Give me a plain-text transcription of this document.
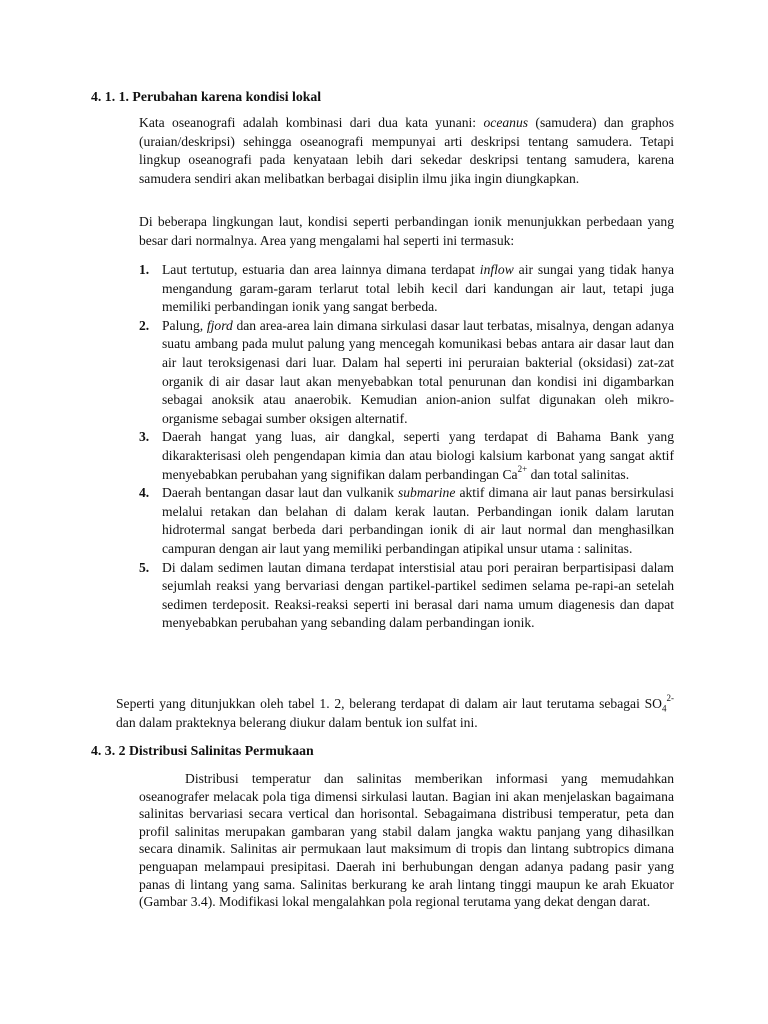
4. 1. 1. Perubahan karena kondisi lokal

Kata oseanografi adalah kombinasi dari dua kata yunani: oceanus (samudera) dan graphos (uraian/deskripsi) sehingga oseanografi mempunyai arti deskripsi tentang samudera. Tetapi lingkup oseanografi pada kenyataan lebih dari sekedar deskripsi tentang samudera, karena samudera sendiri akan melibatkan berbagai disiplin ilmu jika ingin diungkapkan.

Di beberapa lingkungan laut, kondisi seperti perbandingan ionik menunjukkan perbedaan yang besar dari normalnya. Area yang mengalami hal seperti ini termasuk:

1. Laut tertutup, estuaria dan area lainnya dimana terdapat inflow air sungai yang tidak hanya mengandung garam-garam terlarut total lebih kecil dari kandungan air laut, tetapi juga memiliki perbandingan ionik yang sangat berbeda.
2. Palung, fjord dan area-area lain dimana sirkulasi dasar laut terbatas, misalnya, dengan adanya suatu ambang pada mulut palung yang mencegah komunikasi bebas antara air dasar laut dan air laut teroksigenasi dari luar. Dalam hal seperti ini peruraian bakterial (oksidasi) zat-zat organik di air dasar laut akan menyebabkan total penurunan dan kondisi ini digambarkan sebagai anoksik atau anaerobik. Kemudian anion-anion sulfat digunakan oleh mikro-organisme sebagai sumber oksigen alternatif.
3. Daerah hangat yang luas, air dangkal, seperti yang terdapat di Bahama Bank yang dikarakterisasi oleh pengendapan kimia dan atau biologi kalsium karbonat yang sangat aktif menyebabkan perubahan yang signifikan dalam perbandingan $Ca^{2+}$ dan total salinitas.
4. Daerah bentangan dasar laut dan vulkanik submarine aktif dimana air laut panas bersirkulasi melalui retakan dan belahan di dalam kerak lautan. Perbandingan ionik dalam larutan hidrotermal sangat berbeda dari perbandingan ionik di air laut normal dan menghasilkan campuran dengan air laut yang memiliki perbandingan atipikal unsur utama : salinitas.
5. Di dalam sedimen lautan dimana terdapat interstisial atau pori perairan berpartisipasi dalam sejumlah reaksi yang bervariasi dengan partikel-partikel sedimen selama pe-rapi-an setelah sedimen terdeposit. Reaksi-reaksi seperti ini berasal dari nama umum diagenesis dan dapat menyebabkan perubahan yang sebanding dalam perbandingan ionik.

Seperti yang ditunjukkan oleh tabel 1. 2, belerang terdapat di dalam air laut terutama sebagai $SO_4^{2-}$ dan dalam prakteknya belerang diukur dalam bentuk ion sulfat ini.

4. 3. 2 Distribusi Salinitas Permukaan

Distribusi temperatur dan salinitas memberikan informasi yang memudahkan oseanografer melacak pola tiga dimensi sirkulasi lautan. Bagian ini akan menjelaskan bagaimana salinitas bervariasi secara vertical dan horisontal. Sebagaimana distribusi temperatur, peta dan profil salinitas merupakan gambaran yang stabil dalam jangka waktu panjang yang dihasilkan secara dinamik. Salinitas air permukaan laut maksimum di tropis dan lintang subtropics dimana penguapan melampaui presipitasi. Daerah ini berhubungan dengan adanya padang pasir yang panas di lintang yang sama. Salinitas berkurang ke arah lintang tinggi maupun ke arah Ekuator (Gambar 3.4). Modifikasi lokal mengalahkan pola regional terutama yang dekat dengan darat.
